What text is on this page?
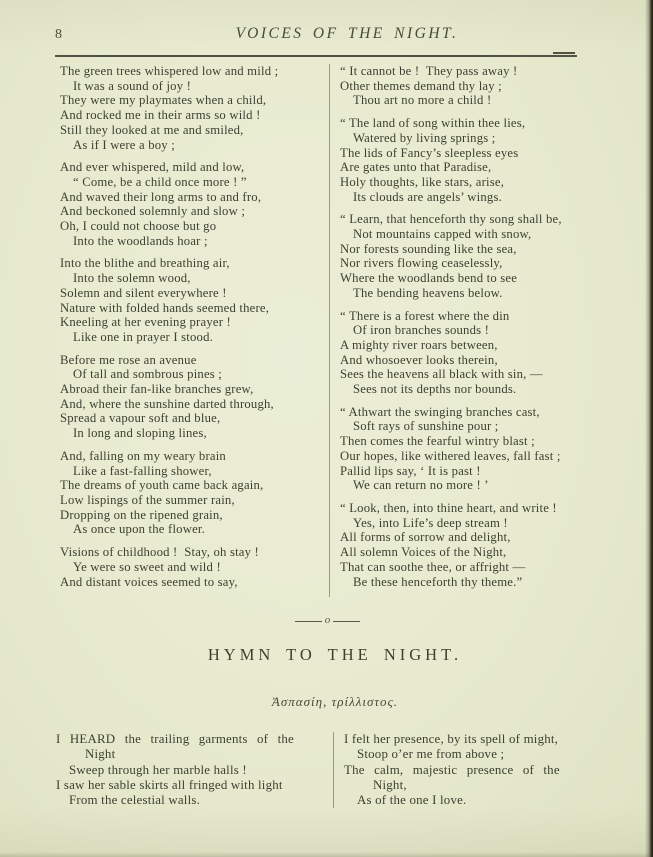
8	VOICES OF THE NIGHT.
The green trees whispered low and mild ;
It was a sound of joy !
They were my playmates when a child,
And rocked me in their arms so wild !
Still they looked at me and smiled,
As if I were a boy ;
And ever whispered, mild and low,
“ Come, be a child once more ! ”
And waved their long arms to and fro,
And beckoned solemnly and slow ;
Oh, I could not choose but go
Into the woodlands hoar ;
Into the blithe and breathing air,
Into the solemn wood,
Solemn and silent everywhere !
Nature with folded hands seemed there,
Kneeling at her evening prayer !
Like one in prayer I stood.
Before me rose an avenue
Of tall and sombrous pines ;
Abroad their fan-like branches grew,
And, where the sunshine darted through,
Spread a vapour soft and blue,
In long and sloping lines,
And, falling on my weary brain
Like a fast-falling shower,
The dreams of youth came back again,
Low lispings of the summer rain,
Dropping on the ripened grain,
As once upon the flower.
Visions of childhood !  Stay, oh stay !
Ye were so sweet and wild !
And distant voices seemed to say,
“ It cannot be !  They pass away !
Other themes demand thy lay ;
Thou art no more a child !
“ The land of song within thee lies,
Watered by living springs ;
The lids of Fancy’s sleepless eyes
Are gates unto that Paradise,
Holy thoughts, like stars, arise,
Its clouds are angels’ wings.
“ Learn, that henceforth thy song shall be,
Not mountains capped with snow,
Nor forests sounding like the sea,
Nor rivers flowing ceaselessly,
Where the woodlands bend to see
The bending heavens below.
“ There is a forest where the din
Of iron branches sounds !
A mighty river roars between,
And whosoever looks therein,
Sees the heavens all black with sin, —
Sees not its depths nor bounds.
“ Athwart the swinging branches cast,
Soft rays of sunshine pour ;
Then comes the fearful wintry blast ;
Our hopes, like withered leaves, fall fast ;
Pallid lips say, ‘ It is past !
We can return no more ! ’
“ Look, then, into thine heart, and write !
Yes, into Life’s deep stream !
All forms of sorrow and delight,
All solemn Voices of the Night,
That can soothe thee, or affright —
Be these henceforth thy theme.”
o
HYMN TO THE NIGHT.
Ἀσπασίη, τρίλλιστος.
I HEARD the trailing garments of the
Night
Sweep through her marble halls !
I saw her sable skirts all fringed with light
From the celestial walls.
I felt her presence, by its spell of might,
Stoop o’er me from above ;
The calm, majestic presence of the
Night,
As of the one I love.
